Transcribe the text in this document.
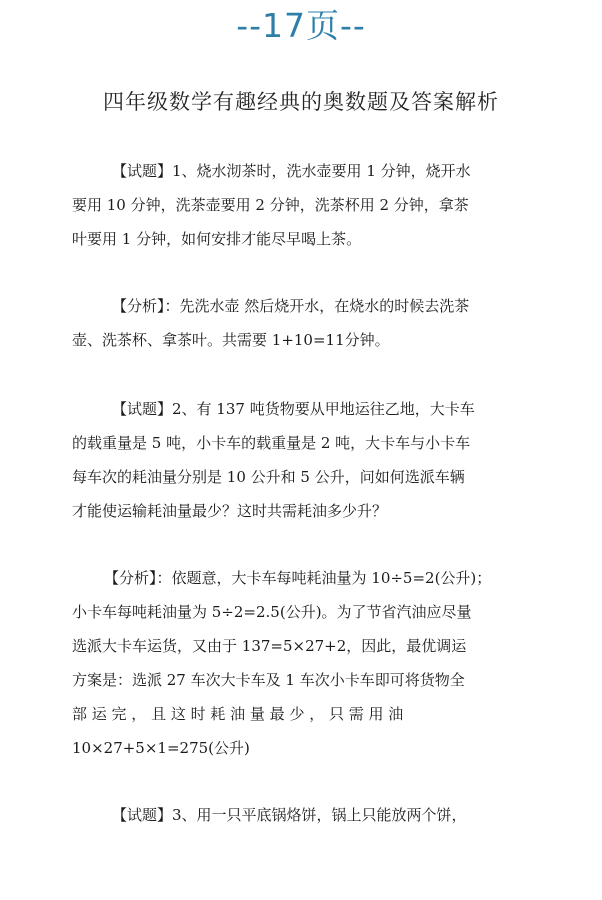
--17页--
四年级数学有趣经典的奥数题及答案解析
【试题】1、烧水沏茶时，洗水壶要用 1 分钟，烧开水
要用 10 分钟，洗茶壶要用 2 分钟，洗茶杯用 2 分钟，拿茶
叶要用 1 分钟，如何安排才能尽早喝上茶。
【分析】：先洗水壶 然后烧开水，在烧水的时候去洗茶
壶、洗茶杯、拿茶叶。共需要 1+10=11分钟。
【试题】2、有 137 吨货物要从甲地运往乙地，大卡车
的载重量是 5 吨，小卡车的载重量是 2 吨，大卡车与小卡车
每车次的耗油量分别是 10 公升和 5 公升，问如何选派车辆
才能使运输耗油量最少？这时共需耗油多少升？
【分析】：依题意，大卡车每吨耗油量为 10÷5=2(公升)；
小卡车每吨耗油量为 5÷2=2.5(公升)。为了节省汽油应尽量
选派大卡车运货，又由于 137=5×27+2，因此，最优调运
方案是：选派 27 车次大卡车及 1 车次小卡车即可将货物全
部 运 完 ， 且 这 时 耗 油 量 最 少 ， 只 需 用 油
10×27+5×1=275(公升)
【试题】3、用一只平底锅烙饼，锅上只能放两个饼，
